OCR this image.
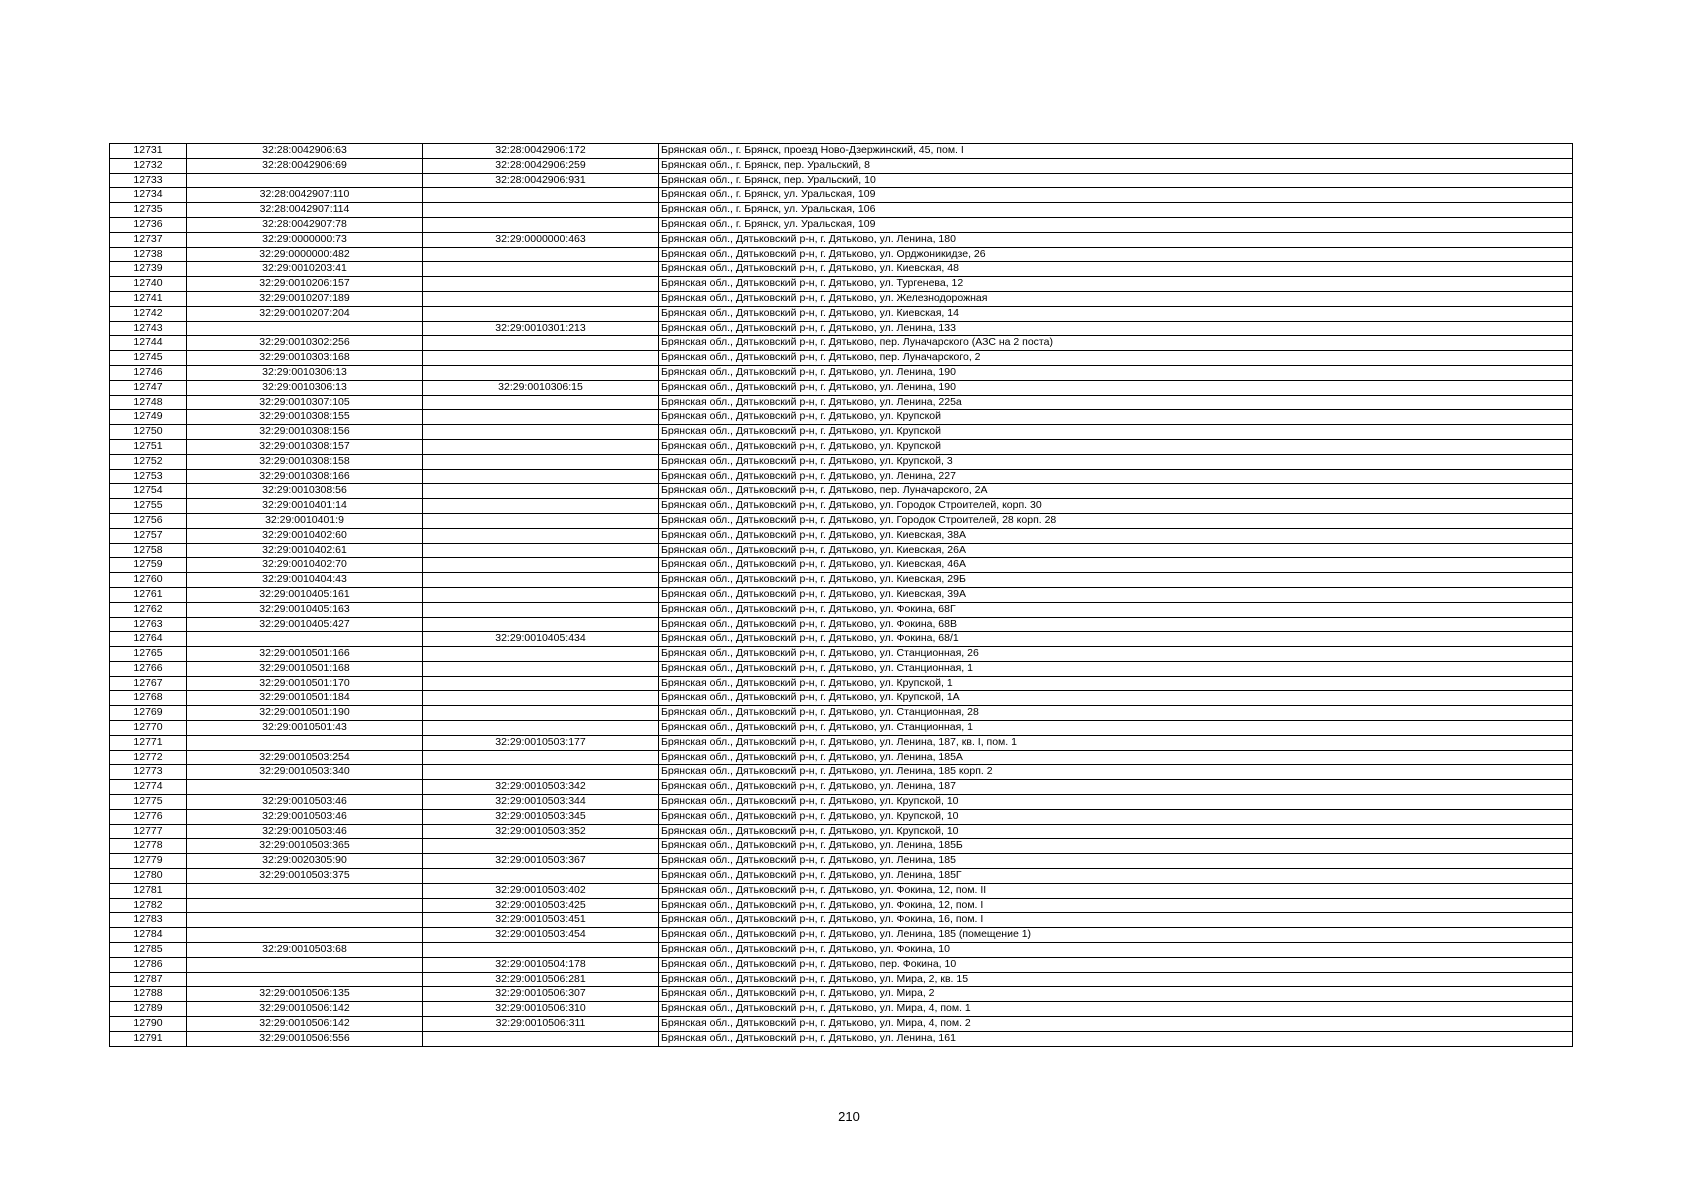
12731	32:28:0042906:63	32:28:0042906:172	Брянская обл., г. Брянск, проезд Ново-Дзержинский, 45, пом. I
12732	32:28:0042906:69	32:28:0042906:259	Брянская обл., г. Брянск, пер. Уральский, 8
12733		32:28:0042906:931	Брянская обл., г. Брянск, пер. Уральский, 10
12734	32:28:0042907:110		Брянская обл., г. Брянск, ул. Уральская, 109
12735	32:28:0042907:114		Брянская обл., г. Брянск, ул. Уральская, 106
12736	32:28:0042907:78		Брянская обл., г. Брянск, ул. Уральская, 109
12737	32:29:0000000:73	32:29:0000000:463	Брянская обл., Дятьковский р-н, г. Дятьково, ул. Ленина, 180
12738	32:29:0000000:482		Брянская обл., Дятьковский р-н, г. Дятьково, ул. Орджоникидзе, 26
12739	32:29:0010203:41		Брянская обл., Дятьковский р-н, г. Дятьково, ул. Киевская, 48
12740	32:29:0010206:157		Брянская обл., Дятьковский р-н, г. Дятьково, ул. Тургенева, 12
12741	32:29:0010207:189		Брянская обл., Дятьковский р-н, г. Дятьково, ул. Железнодорожная
12742	32:29:0010207:204		Брянская обл., Дятьковский р-н, г. Дятьково, ул. Киевская, 14
12743		32:29:0010301:213	Брянская обл., Дятьковский р-н, г. Дятьково, ул. Ленина, 133
12744	32:29:0010302:256		Брянская обл., Дятьковский р-н, г. Дятьково, пер. Луначарского (АЗС на 2 поста)
12745	32:29:0010303:168		Брянская обл., Дятьковский р-н, г. Дятьково, пер. Луначарского, 2
12746	32:29:0010306:13		Брянская обл., Дятьковский р-н, г. Дятьково, ул. Ленина, 190
12747	32:29:0010306:13	32:29:0010306:15	Брянская обл., Дятьковский р-н, г. Дятьково, ул. Ленина, 190
12748	32:29:0010307:105		Брянская обл., Дятьковский р-н, г. Дятьково, ул. Ленина, 225а
12749	32:29:0010308:155		Брянская обл., Дятьковский р-н, г. Дятьково, ул. Крупской
12750	32:29:0010308:156		Брянская обл., Дятьковский р-н, г. Дятьково, ул. Крупской
12751	32:29:0010308:157		Брянская обл., Дятьковский р-н, г. Дятьково, ул. Крупской
12752	32:29:0010308:158		Брянская обл., Дятьковский р-н, г. Дятьково, ул. Крупской, 3
12753	32:29:0010308:166		Брянская обл., Дятьковский р-н, г. Дятьково, ул. Ленина, 227
12754	32:29:0010308:56		Брянская обл., Дятьковский р-н, г. Дятьково, пер. Луначарского, 2А
12755	32:29:0010401:14		Брянская обл., Дятьковский р-н, г. Дятьково, ул. Городок Строителей, корп. 30
12756	32:29:0010401:9		Брянская обл., Дятьковский р-н, г. Дятьково, ул. Городок Строителей, 28 корп. 28
12757	32:29:0010402:60		Брянская обл., Дятьковский р-н, г. Дятьково, ул. Киевская, 38А
12758	32:29:0010402:61		Брянская обл., Дятьковский р-н, г. Дятьково, ул. Киевская, 26А
12759	32:29:0010402:70		Брянская обл., Дятьковский р-н, г. Дятьково, ул. Киевская, 46А
12760	32:29:0010404:43		Брянская обл., Дятьковский р-н, г. Дятьково, ул. Киевская, 29Б
12761	32:29:0010405:161		Брянская обл., Дятьковский р-н, г. Дятьково, ул. Киевская, 39А
12762	32:29:0010405:163		Брянская обл., Дятьковский р-н, г. Дятьково, ул. Фокина, 68Г
12763	32:29:0010405:427		Брянская обл., Дятьковский р-н, г. Дятьково, ул. Фокина, 68В
12764		32:29:0010405:434	Брянская обл., Дятьковский р-н, г. Дятьково, ул. Фокина, 68/1
12765	32:29:0010501:166		Брянская обл., Дятьковский р-н, г. Дятьково, ул. Станционная, 26
12766	32:29:0010501:168		Брянская обл., Дятьковский р-н, г. Дятьково, ул. Станционная, 1
12767	32:29:0010501:170		Брянская обл., Дятьковский р-н, г. Дятьково, ул. Крупской, 1
12768	32:29:0010501:184		Брянская обл., Дятьковский р-н, г. Дятьково, ул. Крупской, 1А
12769	32:29:0010501:190		Брянская обл., Дятьковский р-н, г. Дятьково, ул. Станционная, 28
12770	32:29:0010501:43		Брянская обл., Дятьковский р-н, г. Дятьково, ул. Станционная, 1
12771		32:29:0010503:177	Брянская обл., Дятьковский р-н, г. Дятьково, ул. Ленина, 187, кв. I, пом. 1
12772	32:29:0010503:254		Брянская обл., Дятьковский р-н, г. Дятьково, ул. Ленина, 185А
12773	32:29:0010503:340		Брянская обл., Дятьковский р-н, г. Дятьково, ул. Ленина, 185 корп. 2
12774		32:29:0010503:342	Брянская обл., Дятьковский р-н, г. Дятьково, ул. Ленина, 187
12775	32:29:0010503:46	32:29:0010503:344	Брянская обл., Дятьковский р-н, г. Дятьково, ул. Крупской, 10
12776	32:29:0010503:46	32:29:0010503:345	Брянская обл., Дятьковский р-н, г. Дятьково, ул. Крупской, 10
12777	32:29:0010503:46	32:29:0010503:352	Брянская обл., Дятьковский р-н, г. Дятьково, ул. Крупской, 10
12778	32:29:0010503:365		Брянская обл., Дятьковский р-н, г. Дятьково, ул. Ленина, 185Б
12779	32:29:0020305:90	32:29:0010503:367	Брянская обл., Дятьковский р-н, г. Дятьково, ул. Ленина, 185
12780	32:29:0010503:375		Брянская обл., Дятьковский р-н, г. Дятьково, ул. Ленина, 185Г
12781		32:29:0010503:402	Брянская обл., Дятьковский р-н, г. Дятьково, ул. Фокина, 12, пом. II
12782		32:29:0010503:425	Брянская обл., Дятьковский р-н, г. Дятьково, ул. Фокина, 12, пом. I
12783		32:29:0010503:451	Брянская обл., Дятьковский р-н, г. Дятьково, ул. Фокина, 16, пом. I
12784		32:29:0010503:454	Брянская обл., Дятьковский р-н, г. Дятьково, ул. Ленина, 185 (помещение 1)
12785	32:29:0010503:68		Брянская обл., Дятьковский р-н, г. Дятьково, ул. Фокина, 10
12786		32:29:0010504:178	Брянская обл., Дятьковский р-н, г. Дятьково, пер. Фокина, 10
12787		32:29:0010506:281	Брянская обл., Дятьковский р-н, г. Дятьково, ул. Мира, 2, кв. 15
12788	32:29:0010506:135	32:29:0010506:307	Брянская обл., Дятьковский р-н, г. Дятьково, ул. Мира, 2
12789	32:29:0010506:142	32:29:0010506:310	Брянская обл., Дятьковский р-н, г. Дятьково, ул. Мира, 4, пом. 1
12790	32:29:0010506:142	32:29:0010506:311	Брянская обл., Дятьковский р-н, г. Дятьково, ул. Мира, 4, пом. 2
12791	32:29:0010506:556		Брянская обл., Дятьковский р-н, г. Дятьково, ул. Ленина, 161
210
